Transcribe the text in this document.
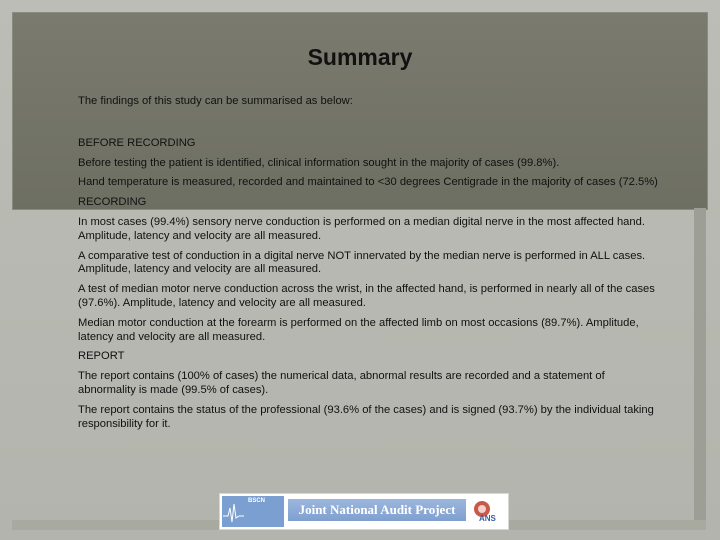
Summary

The findings of this study can be summarised as below:

BEFORE RECORDING

Before testing the patient is identified, clinical information sought in the majority of cases (99.8%).

Hand temperature is measured, recorded and maintained to <30 degrees Centigrade in the majority of cases (72.5%)

RECORDING

In most cases (99.4%) sensory nerve conduction is performed on a median digital nerve in the most affected hand. Amplitude, latency and velocity are all measured.

A comparative test of conduction in a digital nerve NOT innervated by the median nerve is performed in ALL cases. Amplitude, latency and velocity are all measured.

A test of median motor nerve conduction across the wrist, in the affected hand, is performed in nearly all of the cases (97.6%). Amplitude, latency and velocity are all measured.

Median motor conduction at the forearm is performed on the affected limb on most occasions (89.7%). Amplitude, latency and velocity are all measured.

REPORT

The report contains (100% of cases) the numerical data, abnormal results are recorded and a statement of abnormality is made (99.5% of cases).

The report contains the status of the professional (93.6% of the cases) and is signed (93.7%) by the individual taking responsibility for it.

BSCN
Joint National Audit Project
ANS
